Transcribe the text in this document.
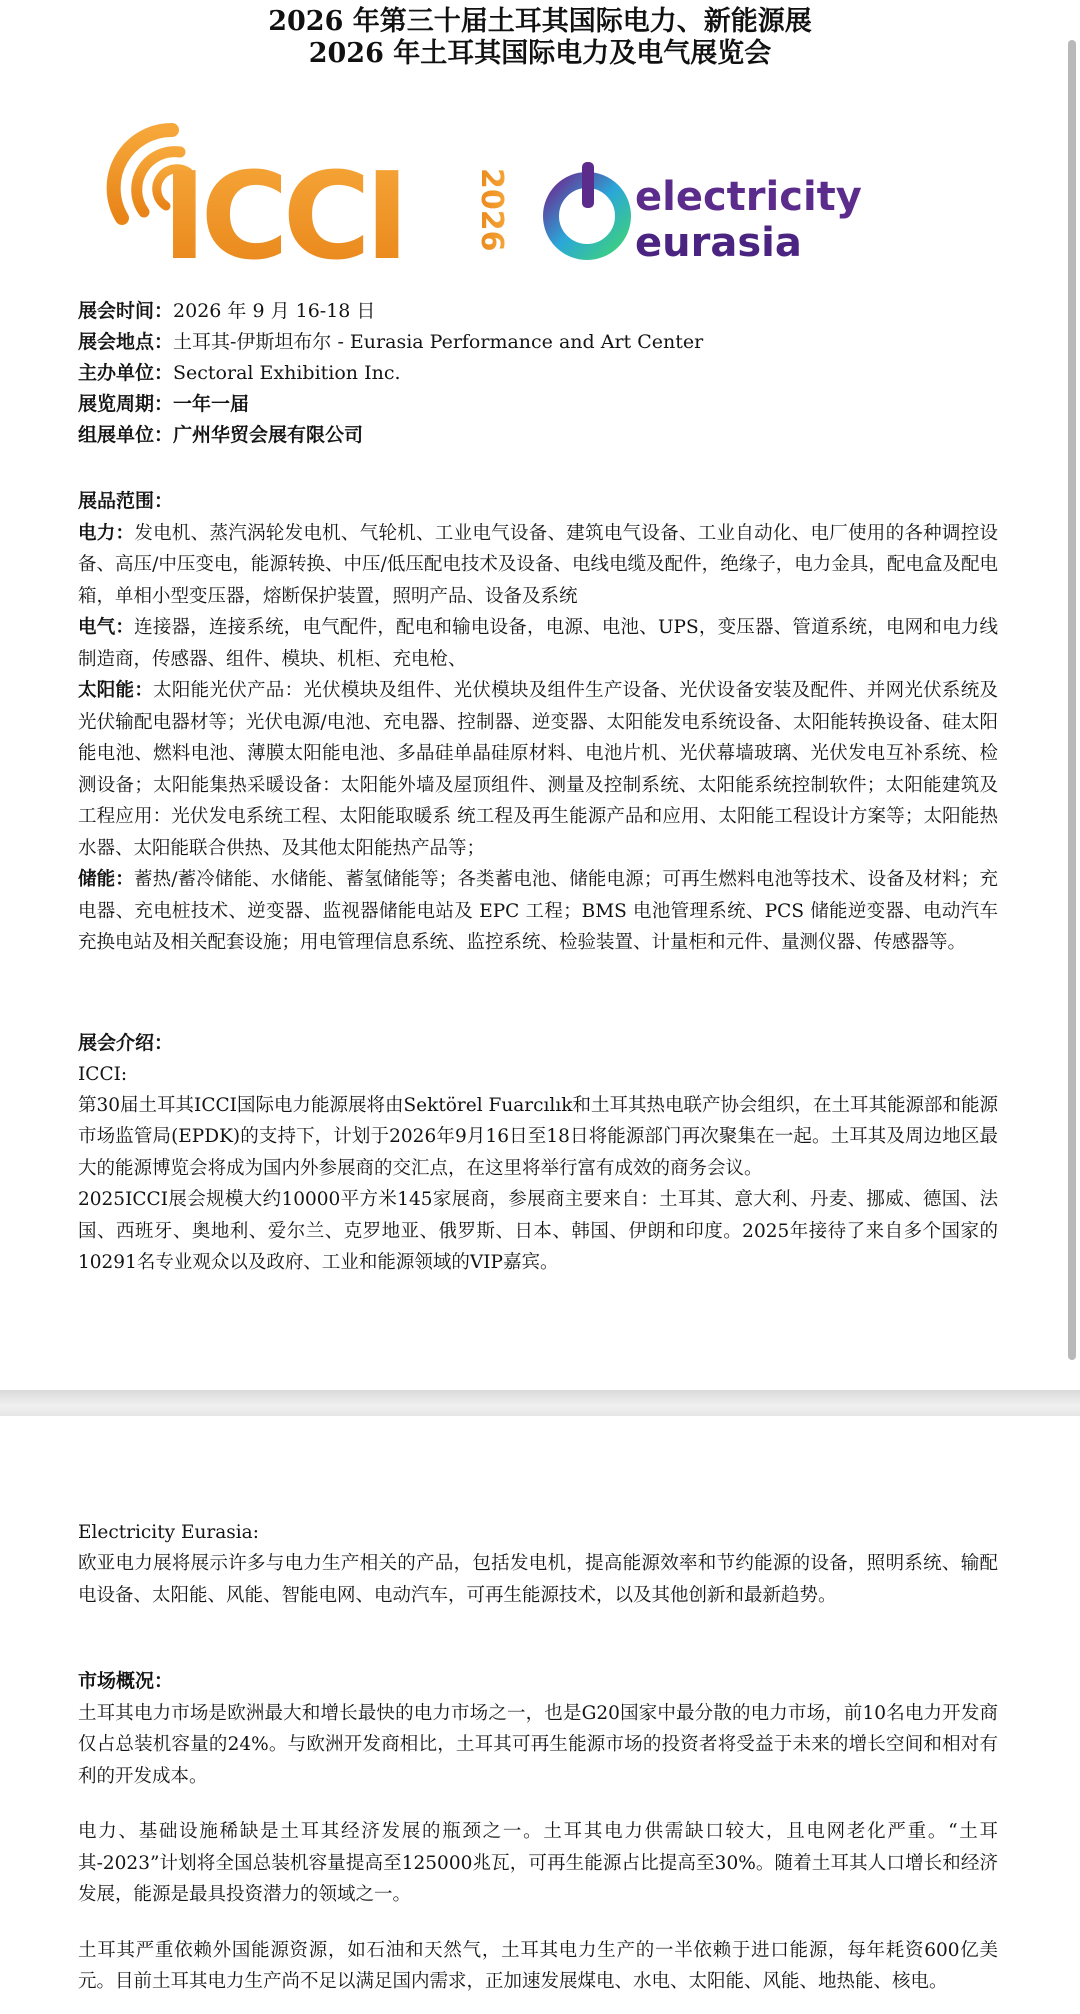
2026 年第三十届土耳其国际电力、新能源展
2026 年土耳其国际电力及电气展览会
ICCI 2026	electricity
eurasia
展会时间：2026 年 9 月 16-18 日
展会地点：土耳其-伊斯坦布尔 - Eurasia Performance and Art Center
主办单位：Sectoral Exhibition Inc.
展览周期：一年一届
组展单位：广州华贸会展有限公司
展品范围：
电力：发电机、蒸汽涡轮发电机、气轮机、工业电气设备、建筑电气设备、工业自动化、电厂使用的各种调控设备、高压/中压变电，能源转换、中压/低压配电技术及设备、电线电缆及配件，绝缘子，电力金具，配电盒及配电箱，单相小型变压器，熔断保护装置，照明产品、设备及系统
电气：连接器，连接系统，电气配件，配电和输电设备，电源、电池、UPS，变压器、管道系统，电网和电力线制造商，传感器、组件、模块、机柜、充电枪、
太阳能：太阳能光伏产品：光伏模块及组件、光伏模块及组件生产设备、光伏设备安装及配件、并网光伏系统及光伏输配电器材等；光伏电源/电池、充电器、控制器、逆变器、太阳能发电系统设备、太阳能转换设备、硅太阳能电池、燃料电池、薄膜太阳能电池、多晶硅单晶硅原材料、电池片机、光伏幕墙玻璃、光伏发电互补系统、检测设备；太阳能集热采暖设备：太阳能外墙及屋顶组件、测量及控制系统、太阳能系统控制软件；太阳能建筑及工程应用：光伏发电系统工程、太阳能取暖系 统工程及再生能源产品和应用、太阳能工程设计方案等；太阳能热水器、太阳能联合供热、及其他太阳能热产品等；
储能：蓄热/蓄冷储能、水储能、蓄氢储能等；各类蓄电池、储能电源；可再生燃料电池等技术、设备及材料；充电器、充电桩技术、逆变器、监视器储能电站及 EPC 工程；BMS 电池管理系统、PCS 储能逆变器、电动汽车充换电站及相关配套设施；用电管理信息系统、监控系统、检验装置、计量柜和元件、量测仪器、传感器等。
展会介绍：
ICCI:
第30届土耳其ICCI国际电力能源展将由Sektörel Fuarcılık和土耳其热电联产协会组织，在土耳其能源部和能源市场监管局(EPDK)的支持下，计划于2026年9月16日至18日将能源部门再次聚集在一起。土耳其及周边地区最大的能源博览会将成为国内外参展商的交汇点，在这里将举行富有成效的商务会议。
2025ICCI展会规模大约10000平方米145家展商，参展商主要来自：土耳其、意大利、丹麦、挪威、德国、法国、西班牙、奥地利、爱尔兰、克罗地亚、俄罗斯、日本、韩国、伊朗和印度。2025年接待了来自多个国家的10291名专业观众以及政府、工业和能源领域的VIP嘉宾。
Electricity Eurasia:
欧亚电力展将展示许多与电力生产相关的产品，包括发电机，提高能源效率和节约能源的设备，照明系统、输配电设备、太阳能、风能、智能电网、电动汽车，可再生能源技术，以及其他创新和最新趋势。
市场概况：
土耳其电力市场是欧洲最大和增长最快的电力市场之一，也是G20国家中最分散的电力市场，前10名电力开发商仅占总装机容量的24%。与欧洲开发商相比，土耳其可再生能源市场的投资者将受益于未来的增长空间和相对有利的开发成本。
电力、基础设施稀缺是土耳其经济发展的瓶颈之一。土耳其电力供需缺口较大，且电网老化严重。“土耳其-2023”计划将全国总装机容量提高至125000兆瓦，可再生能源占比提高至30%。随着土耳其人口增长和经济发展，能源是最具投资潜力的领域之一。
土耳其严重依赖外国能源资源，如石油和天然气，土耳其电力生产的一半依赖于进口能源，每年耗资600亿美元。目前土耳其电力生产尚不足以满足国内需求，正加速发展煤电、水电、太阳能、风能、地热能、核电。
